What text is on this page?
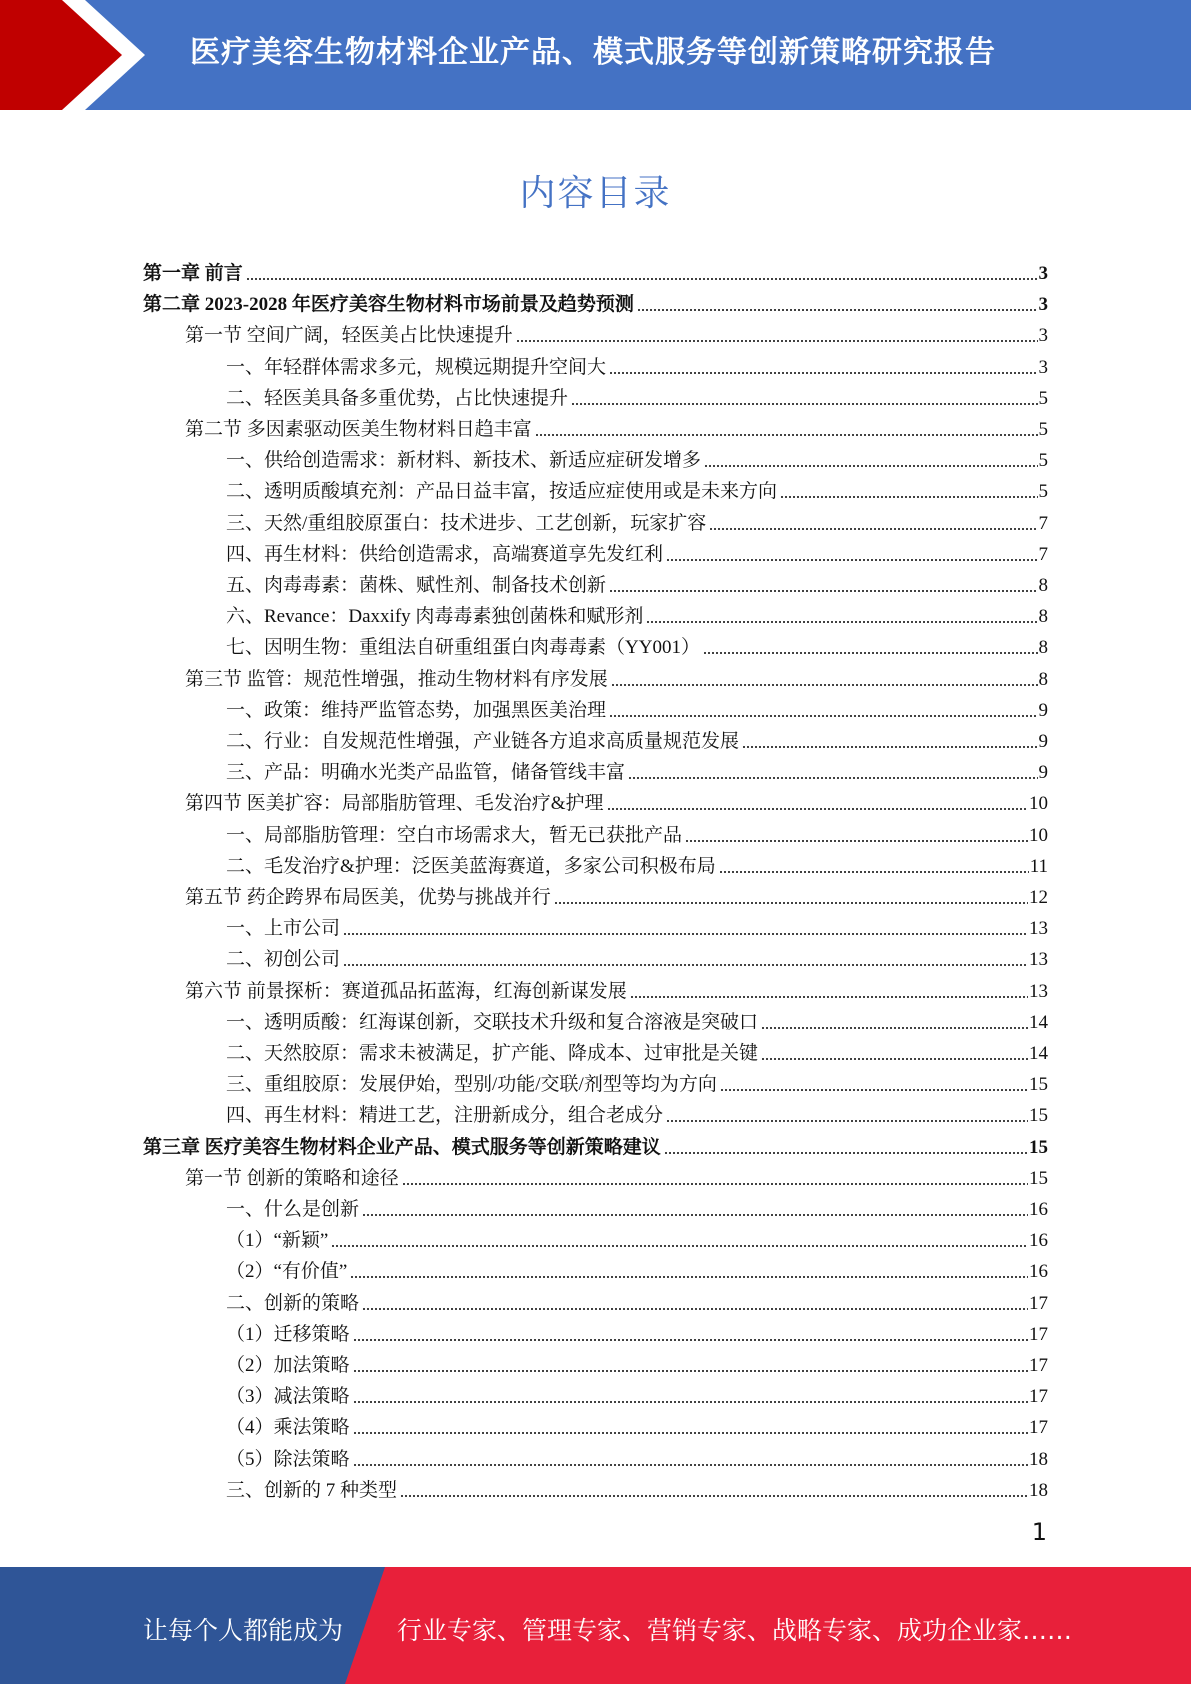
医疗美容生物材料企业产品、模式服务等创新策略研究报告
内容目录
第一章 前言	3
第二章 2023-2028 年医疗美容生物材料市场前景及趋势预测	3
第一节 空间广阔，轻医美占比快速提升	3
一、年轻群体需求多元，规模远期提升空间大	3
二、轻医美具备多重优势，占比快速提升	5
第二节 多因素驱动医美生物材料日趋丰富	5
一、供给创造需求：新材料、新技术、新适应症研发增多	5
二、透明质酸填充剂：产品日益丰富，按适应症使用或是未来方向	5
三、天然/重组胶原蛋白：技术进步、工艺创新，玩家扩容	7
四、再生材料：供给创造需求，高端赛道享先发红利	7
五、肉毒毒素：菌株、赋性剂、制备技术创新	8
六、Revance：Daxxify 肉毒毒素独创菌株和赋形剂	8
七、因明生物：重组法自研重组蛋白肉毒毒素（YY001）	8
第三节 监管：规范性增强，推动生物材料有序发展	8
一、政策：维持严监管态势，加强黑医美治理	9
二、行业：自发规范性增强，产业链各方追求高质量规范发展	9
三、产品：明确水光类产品监管，储备管线丰富	9
第四节 医美扩容：局部脂肪管理、毛发治疗&护理	10
一、局部脂肪管理：空白市场需求大，暂无已获批产品	10
二、毛发治疗&护理：泛医美蓝海赛道，多家公司积极布局	11
第五节 药企跨界布局医美，优势与挑战并行	12
一、上市公司	13
二、初创公司	13
第六节 前景探析：赛道孤品拓蓝海，红海创新谋发展	13
一、透明质酸：红海谋创新，交联技术升级和复合溶液是突破口	14
二、天然胶原：需求未被满足，扩产能、降成本、过审批是关键	14
三、重组胶原：发展伊始，型别/功能/交联/剂型等均为方向	15
四、再生材料：精进工艺，注册新成分，组合老成分	15
第三章 医疗美容生物材料企业产品、模式服务等创新策略建议	15
第一节 创新的策略和途径	15
一、什么是创新	16
（1）“新颖”	16
（2）“有价值”	16
二、创新的策略	17
（1）迁移策略	17
（2）加法策略	17
（3）减法策略	17
（4）乘法策略	17
（5）除法策略	18
三、创新的 7 种类型	18
1
让每个人都能成为 行业专家、管理专家、营销专家、战略专家、成功企业家……
